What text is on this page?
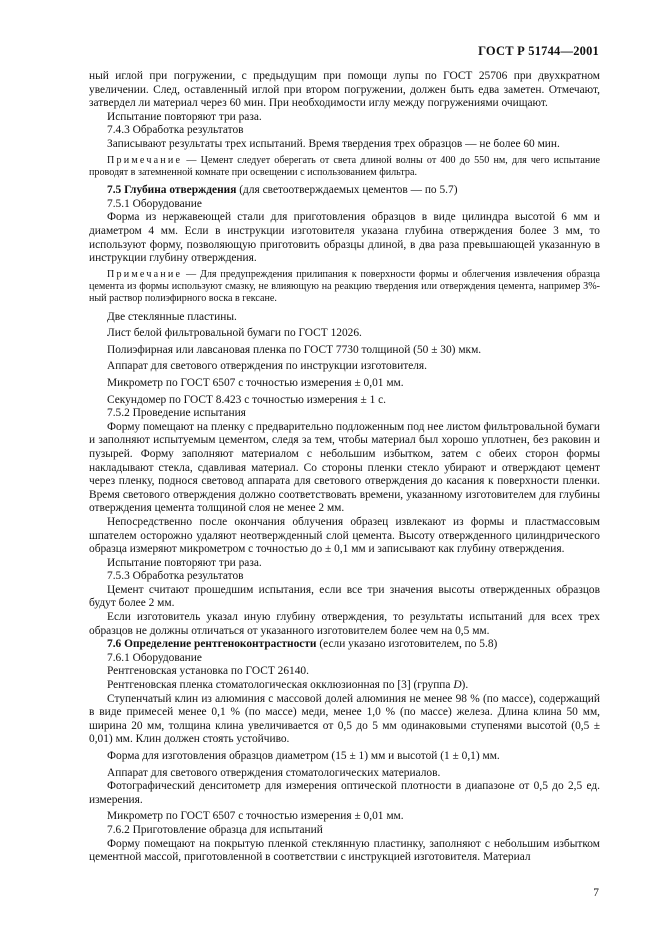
ГОСТ Р 51744—2001

ный иглой при погружении, с предыдущим при помощи лупы по ГОСТ 25706 при двухкратном увеличении. След, оставленный иглой при втором погружении, должен быть едва заметен. Отмечают, затвердел ли материал через 60 мин. При необходимости иглу между погружениями очищают.

Испытание повторяют три раза.

7.4.3 Обработка результатов

Записывают результаты трех испытаний. Время твердения трех образцов — не более 60 мин.

Примечание — Цемент следует оберегать от света длиной волны от 400 до 550 нм, для чего испытание проводят в затемненной комнате при освещении с использованием фильтра.

7.5 Глубина отверждения (для светоотверждаемых цементов — по 5.7)

7.5.1 Оборудование

Форма из нержавеющей стали для приготовления образцов в виде цилиндра высотой 6 мм и диаметром 4 мм. Если в инструкции изготовителя указана глубина отверждения более 3 мм, то используют форму, позволяющую приготовить образцы длиной, в два раза превышающей указанную в инструкции глубину отверждения.

Примечание — Для предупреждения прилипания к поверхности формы и облегчения извлечения образца цемента из формы используют смазку, не влияющую на реакцию твердения или отверждения цемента, например 3%-ный раствор полиэфирного воска в гексане.

Две стеклянные пластины.

Лист белой фильтровальной бумаги по ГОСТ 12026.

Полиэфирная или лавсановая пленка по ГОСТ 7730 толщиной (50 ± 30) мкм.

Аппарат для светового отверждения по инструкции изготовителя.

Микрометр по ГОСТ 6507 с точностью измерения ± 0,01 мм.

Секундомер по ГОСТ 8.423 с точностью измерения ± 1 с.

7.5.2 Проведение испытания

Форму помещают на пленку с предварительно подложенным под нее листом фильтровальной бумаги и заполняют испытуемым цементом, следя за тем, чтобы материал был хорошо уплотнен, без раковин и пузырей. Форму заполняют материалом с небольшим избытком, затем с обеих сторон формы накладывают стекла, сдавливая материал. Со стороны пленки стекло убирают и отверждают цемент через пленку, поднося световод аппарата для светового отверждения до касания к поверхности пленки. Время светового отверждения должно соответствовать времени, указанному изготовителем для глубины отверждения цемента толщиной слоя не менее 2 мм.

Непосредственно после окончания облучения образец извлекают из формы и пластмассовым шпателем осторожно удаляют неотвержденный слой цемента. Высоту отвержденного цилиндрического образца измеряют микрометром с точностью до ± 0,1 мм и записывают как глубину отверждения.

Испытание повторяют три раза.

7.5.3 Обработка результатов

Цемент считают прошедшим испытания, если все три значения высоты отвержденных образцов будут более 2 мм.

Если изготовитель указал иную глубину отверждения, то результаты испытаний для всех трех образцов не должны отличаться от указанного изготовителем более чем на 0,5 мм.

7.6 Определение рентгеноконтрастности (если указано изготовителем, по 5.8)

7.6.1 Оборудование

Рентгеновская установка по ГОСТ 26140.

Рентгеновская пленка стоматологическая окклюзионная по [3] (группа D).

Ступенчатый клин из алюминия с массовой долей алюминия не менее 98 % (по массе), содержащий в виде примесей менее 0,1 % (по массе) меди, менее 1,0 % (по массе) железа. Длина клина 50 мм, ширина 20 мм, толщина клина увеличивается от 0,5 до 5 мм одинаковыми ступенями высотой (0,5 ± 0,01) мм. Клин должен стоять устойчиво.

Форма для изготовления образцов диаметром (15 ± 1) мм и высотой (1 ± 0,1) мм.

Аппарат для светового отверждения стоматологических материалов.

Фотографический денситометр для измерения оптической плотности в диапазоне от 0,5 до 2,5 ед. измерения.

Микрометр по ГОСТ 6507 с точностью измерения ± 0,01 мм.

7.6.2 Приготовление образца для испытаний

Форму помещают на покрытую пленкой стеклянную пластинку, заполняют с небольшим избытком цементной массой, приготовленной в соответствии с инструкцией изготовителя. Материал

7
